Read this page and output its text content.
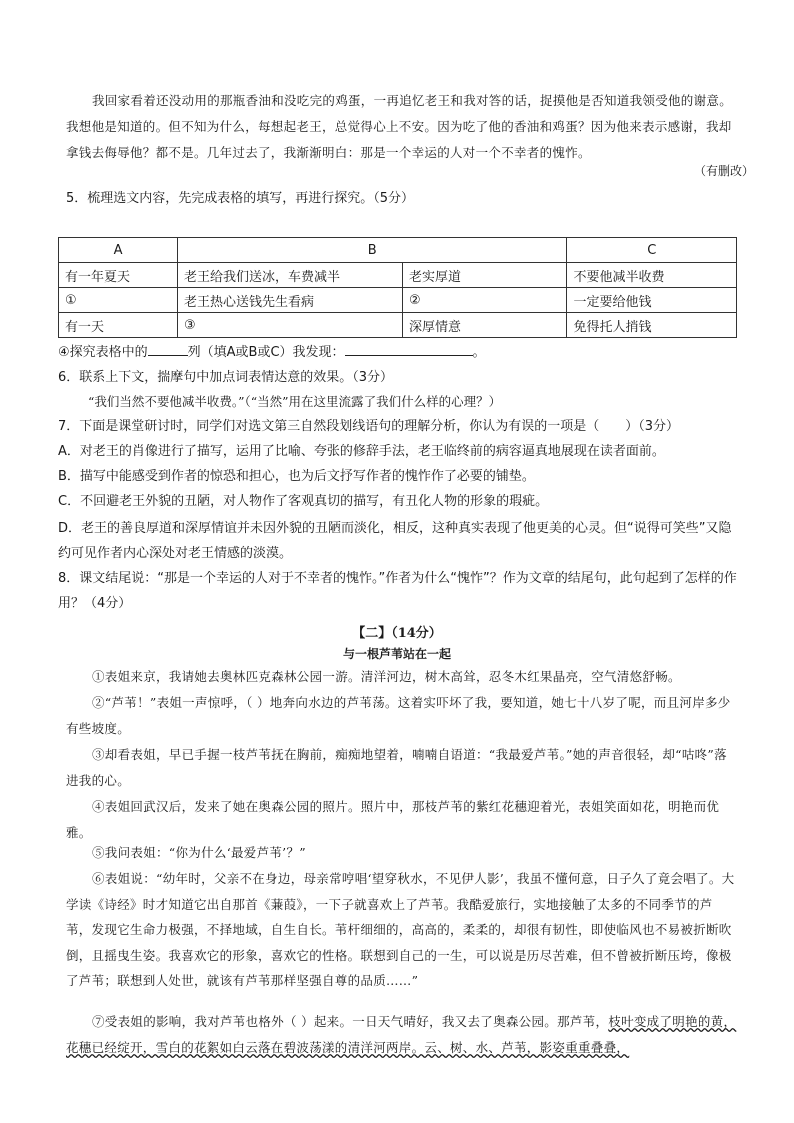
我回家看着还没动用的那瓶香油和没吃完的鸡蛋，一再追忆老王和我对答的话，捉摸他是否知道我领受他的谢意。我想他是知道的。但不知为什么，每想起老王，总觉得心上不安。因为吃了他的香油和鸡蛋？因为他来表示感谢，我却拿钱去侮辱他？都不是。几年过去了，我渐渐明白：那是一个幸运的人对一个不幸者的愧怍。

（有删改）

5．梳理选文内容，先完成表格的填写，再进行探究。（5分）

A	B		C
有一年夏天	老王给我们送冰，车费减半	老实厚道	不要他减半收费
①	老王热心送钱先生看病	②	一定要给他钱
有一天	③	深厚情意	免得托人捎钱

④探究表格中的	列（填A或B或C）我发现：	。

6．联系上下文，揣摩句中加点词表情达意的效果。（3分）

“我们当然不要他减半收费。”（“当然”用在这里流露了我们什么样的心理？）

7．下面是课堂研讨时，同学们对选文第三自然段划线语句的理解分析，你认为有误的一项是（　　）（3分）

A．对老王的肖像进行了描写，运用了比喻、夸张的修辞手法，老王临终前的病容逼真地展现在读者面前。

B．描写中能感受到作者的惊恐和担心，也为后文抒写作者的愧怍作了必要的铺垫。

C．不回避老王外貌的丑陋，对人物作了客观真切的描写，有丑化人物的形象的瑕疵。

D．老王的善良厚道和深厚情谊并未因外貌的丑陋而淡化，相反，这种真实表现了他更美的心灵。但“说得可笑些”又隐约可见作者内心深处对老王情感的淡漠。

8．课文结尾说：“那是一个幸运的人对于不幸者的愧怍。”作者为什么“愧怍”？作为文章的结尾句，此句起到了怎样的作用？（4分）

【二】（14分）

与一根芦苇站在一起

①表姐来京，我请她去奥林匹克森林公园一游。清洋河边，树木高耸，忍冬木红果晶亮，空气清悠舒畅。

②“芦苇！”表姐一声惊呼，（ ）地奔向水边的芦苇荡。这着实吓坏了我，要知道，她七十八岁了呢，而且河岸多少有些坡度。

③却看表姐，早已手握一枝芦苇抚在胸前，痴痴地望着，喃喃自语道：“我最爱芦苇。”她的声音很轻，却“咕咚”落进我的心。

④表姐回武汉后，发来了她在奥森公园的照片。照片中，那枝芦苇的紫红花穗迎着光，表姐笑面如花，明艳而优雅。

⑤我问表姐：“你为什么‘最爱芦苇’？”

⑥表姐说：“幼年时，父亲不在身边，母亲常哼唱‘望穿秋水，不见伊人影’，我虽不懂何意，日子久了竟会唱了。大学读《诗经》时才知道它出自那首《蒹葭》，一下子就喜欢上了芦苇。我酷爱旅行，实地接触了太多的不同季节的芦苇，发现它生命力极强，不择地域，自生自长。苇杆细细的，高高的，柔柔的，却很有韧性，即使临风也不易被折断吹倒，且摇曳生姿。我喜欢它的形象，喜欢它的性格。联想到自己的一生，可以说是历尽苦难，但不曾被折断压垮，像极了芦苇；联想到人处世，就该有芦苇那样坚强自尊的品质……”

⑦受表姐的影响，我对芦苇也格外（ ）起来。一日天气晴好，我又去了奥森公园。那芦苇，枝叶变成了明艳的黄，花穗已经绽开，雪白的花絮如白云落在碧波荡漾的清洋河两岸。云、树、水、芦苇，影姿重重叠叠，
